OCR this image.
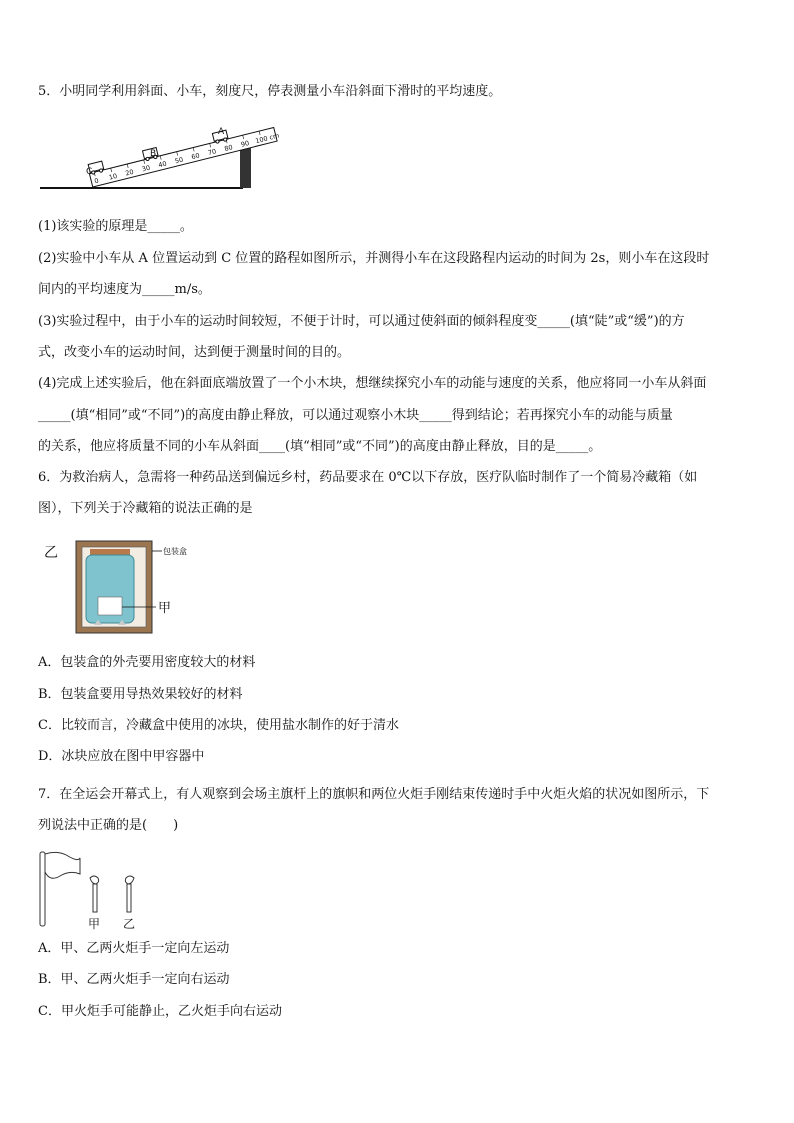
5．小明同学利用斜面、小车，刻度尺，停表测量小车沿斜面下滑时的平均速度。
0 10 20 30 40 50 60 70 80 90 100 cm
C
B
A
(1)该实验的原理是_____。
(2)实验中小车从 A 位置运动到 C 位置的路程如图所示，并测得小车在这段路程内运动的时间为 2s，则小车在这段时
间内的平均速度为_____m/s。
(3)实验过程中，由于小车的运动时间较短，不便于计时，可以通过使斜面的倾斜程度变_____(填“陡”或“缓”)的方
式，改变小车的运动时间，达到便于测量时间的目的。
(4)完成上述实验后，他在斜面底端放置了一个小木块，想继续探究小车的动能与速度的关系，他应将同一小车从斜面
_____(填“相同”或“不同”)的高度由静止释放，可以通过观察小木块_____得到结论；若再探究小车的动能与质量
的关系，他应将质量不同的小车从斜面____(填“相同”或“不同”)的高度由静止释放，目的是_____。
6．为救治病人，急需将一种药品送到偏远乡村，药品要求在 0℃以下存放，医疗队临时制作了一个简易冷藏箱（如
图），下列关于冷藏箱的说法正确的是
乙	包装盒
甲
A．包装盒的外壳要用密度较大的材料
B．包装盒要用导热效果较好的材料
C．比较而言，冷藏盒中使用的冰块，使用盐水制作的好于清水
D．冰块应放在图中甲容器中
7．在全运会开幕式上，有人观察到会场主旗杆上的旗帜和两位火炬手刚结束传递时手中火炬火焰的状况如图所示，下
列说法中正确的是(　　)
甲 乙
A．甲、乙两火炬手一定向左运动
B．甲、乙两火炬手一定向右运动
C．甲火炬手可能静止，乙火炬手向右运动
